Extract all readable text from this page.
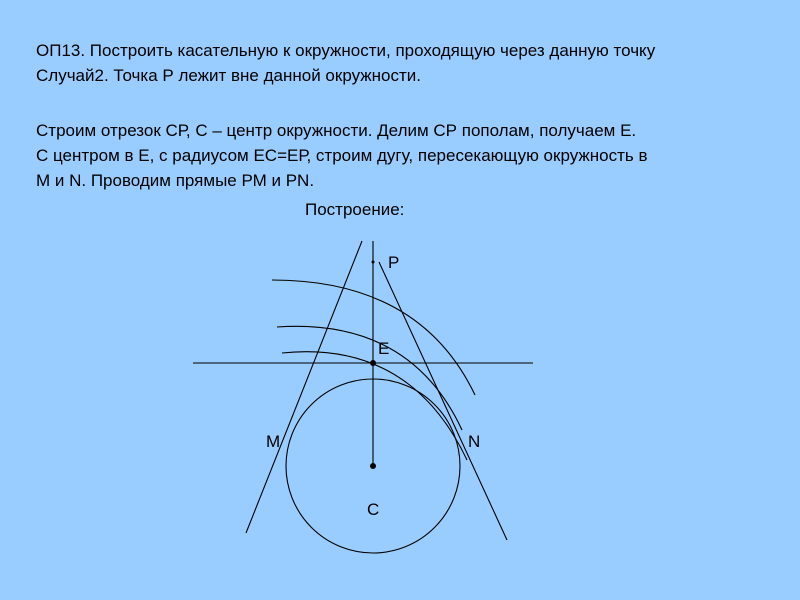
ОП13. Построить касательную к окружности, проходящую через данную точку
Случай2. Точка Р лежит вне данной окружности.
Строим отрезок СР, С – центр окружности. Делим СР пополам, получаем Е.
С центром в Е, с радиусом ЕС=ЕР, строим дугу, пересекающую окружность в
М и N. Проводим прямые РМ и РN.
Построение:
Р
Е
М	N
С
